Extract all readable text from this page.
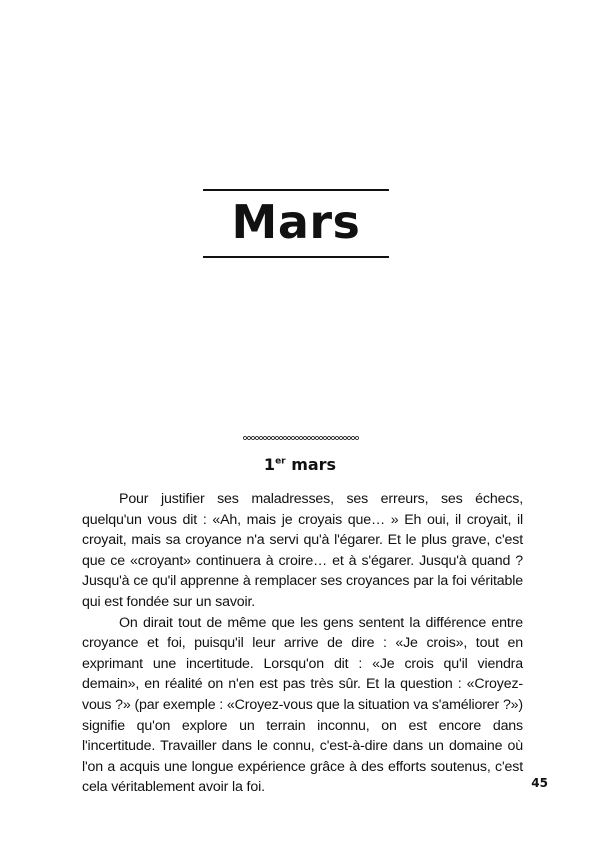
Mars
1er mars

Pour justifier ses maladresses, ses erreurs, ses échecs, quelqu'un vous dit : «Ah, mais je croyais que… » Eh oui, il croyait, il croyait, mais sa croyance n'a servi qu'à l'égarer. Et le plus grave, c'est que ce «croyant» continuera à croire… et à s'égarer. Jusqu'à quand ? Jusqu'à ce qu'il apprenne à remplacer ses croyances par la foi véritable qui est fondée sur un savoir.

On dirait tout de même que les gens sentent la différence entre croyance et foi, puisqu'il leur arrive de dire : «Je crois», tout en exprimant une incertitude. Lorsqu'on dit : «Je crois qu'il viendra demain», en réalité on n'en est pas très sûr. Et la question : «Croyez-vous ?» (par exemple : «Croyez-vous que la situation va s'améliorer ?») signifie qu'on explore un terrain inconnu, on est encore dans l'incertitude. Travailler dans le connu, c'est-à-dire dans un domaine où l'on a acquis une longue expérience grâce à des efforts soutenus, c'est cela véritablement avoir la foi.	45
